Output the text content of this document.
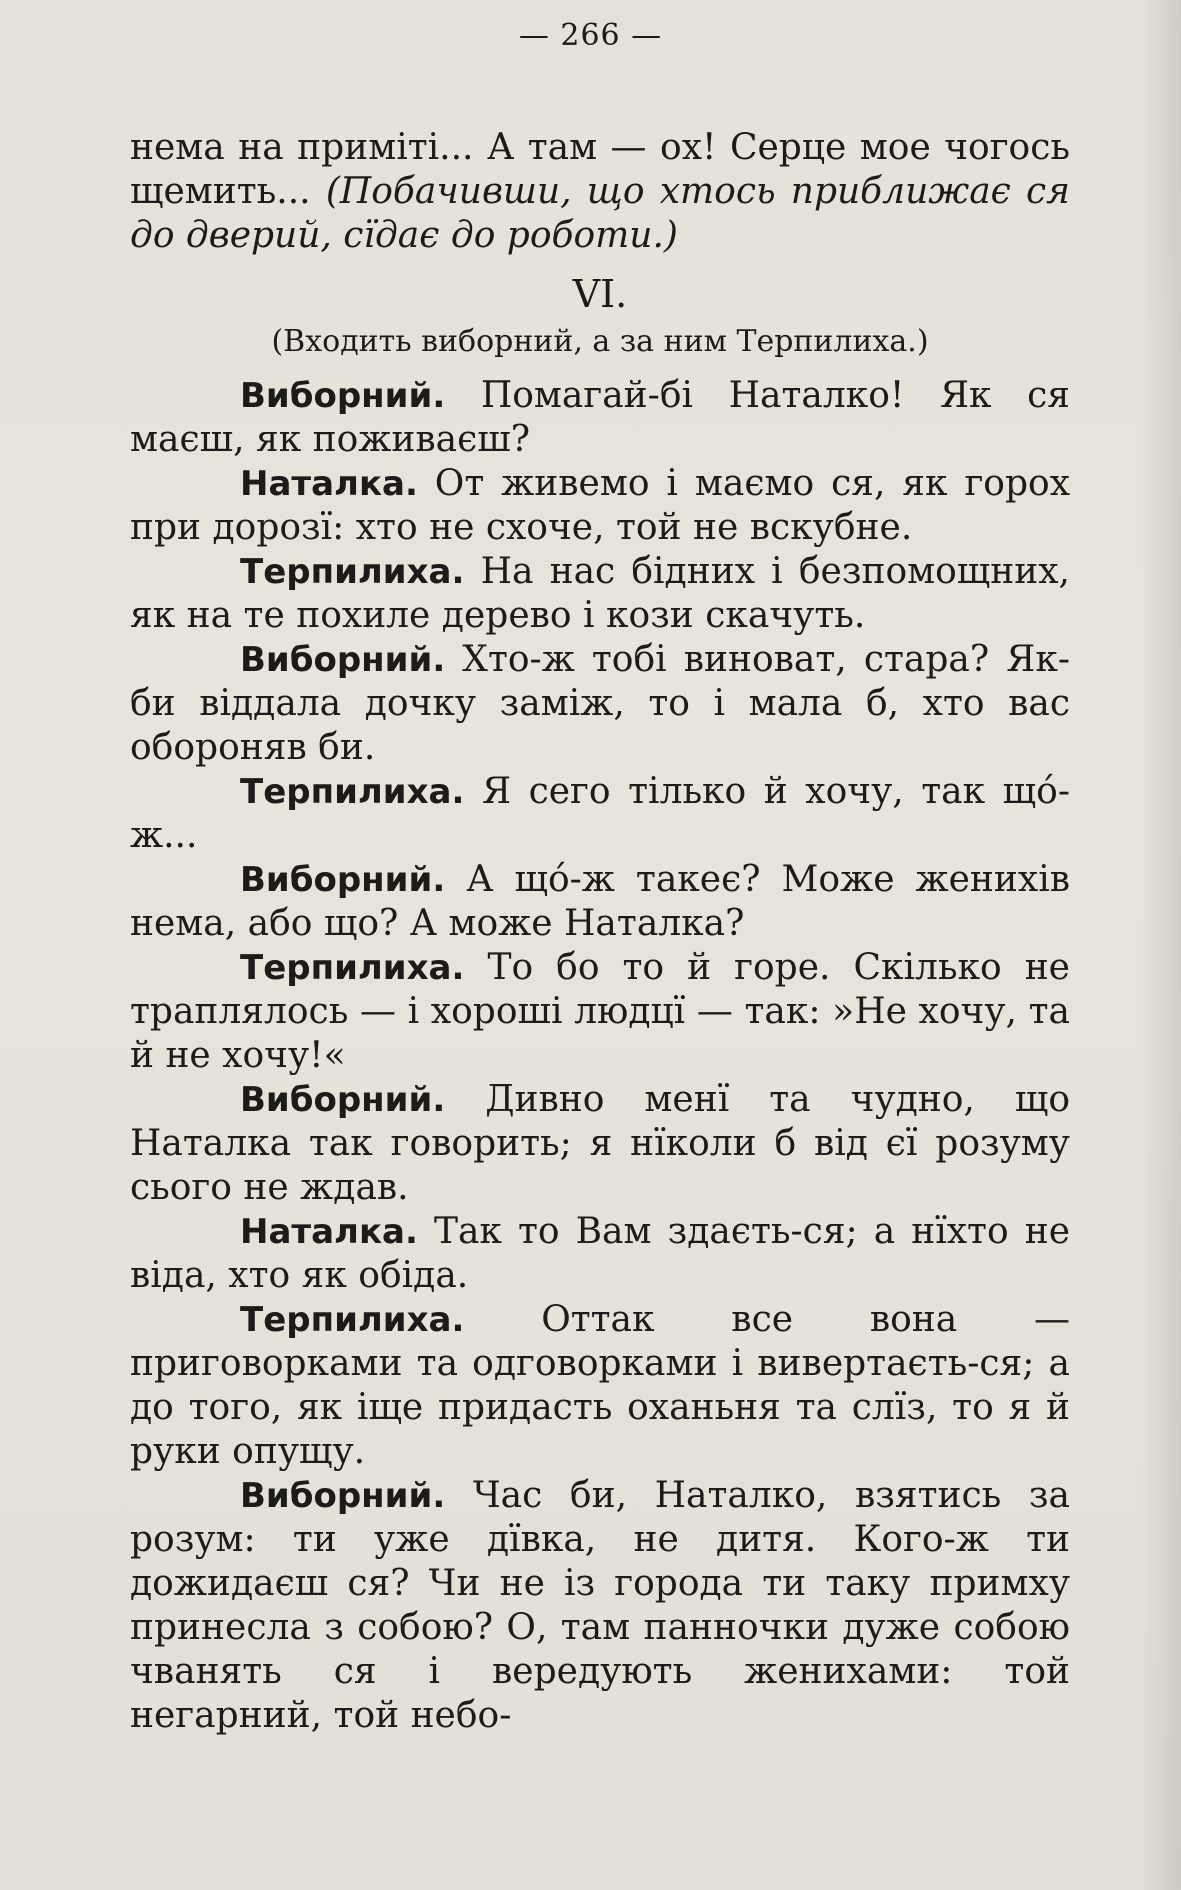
— 266 —

нема на приміті... А там — ох! Серце мое чогось щемить... (Побачивши, що хтось приближає ся до дверий, сїдає до роботи.)

VI.
(Входить виборний, а за ним Терпилиха.)

Виборний. Помагай-бі Наталко! Як ся маєш, як поживаєш?

Наталка. От живемо і маємо ся, як горох при дорозї: хто не схоче, той не вскубне.

Терпилиха. На нас бідних і безпомощних, як на те похиле дерево і кози скачуть.

Виборний. Хто-ж тобі виноват, стара? Як-би віддала дочку заміж, то і мала б, хто вас обороняв би.

Терпилиха. Я сего тілько й хочу, так щó-ж...

Виборний. А щó-ж такеє? Може женихів нема, або що? А може Наталка?

Терпилиха. То бо то й горе. Скілько не траплялось — і хороші людцї — так: »Не хочу, та й не хочу!«

Виборний. Дивно менї та чудно, що Наталка так говорить; я нїколи б від єї розуму сього не ждав.

Наталка. Так то Вам здаєть-ся; а нїхто не віда, хто як обіда.

Терпилиха. Оттак все вона — приговорками та одговорками і вивертаєть-ся; а до того, як іще придасть оханьня та слїз, то я й руки опущу.

Виборний. Час би, Наталко, взятись за розум: ти уже дївка, не дитя. Кого-ж ти дожидаєш ся? Чи не із города ти таку примху принесла з собою? О, там панночки дуже собою чванять ся і вередують женихами: той негарний, той небо-
